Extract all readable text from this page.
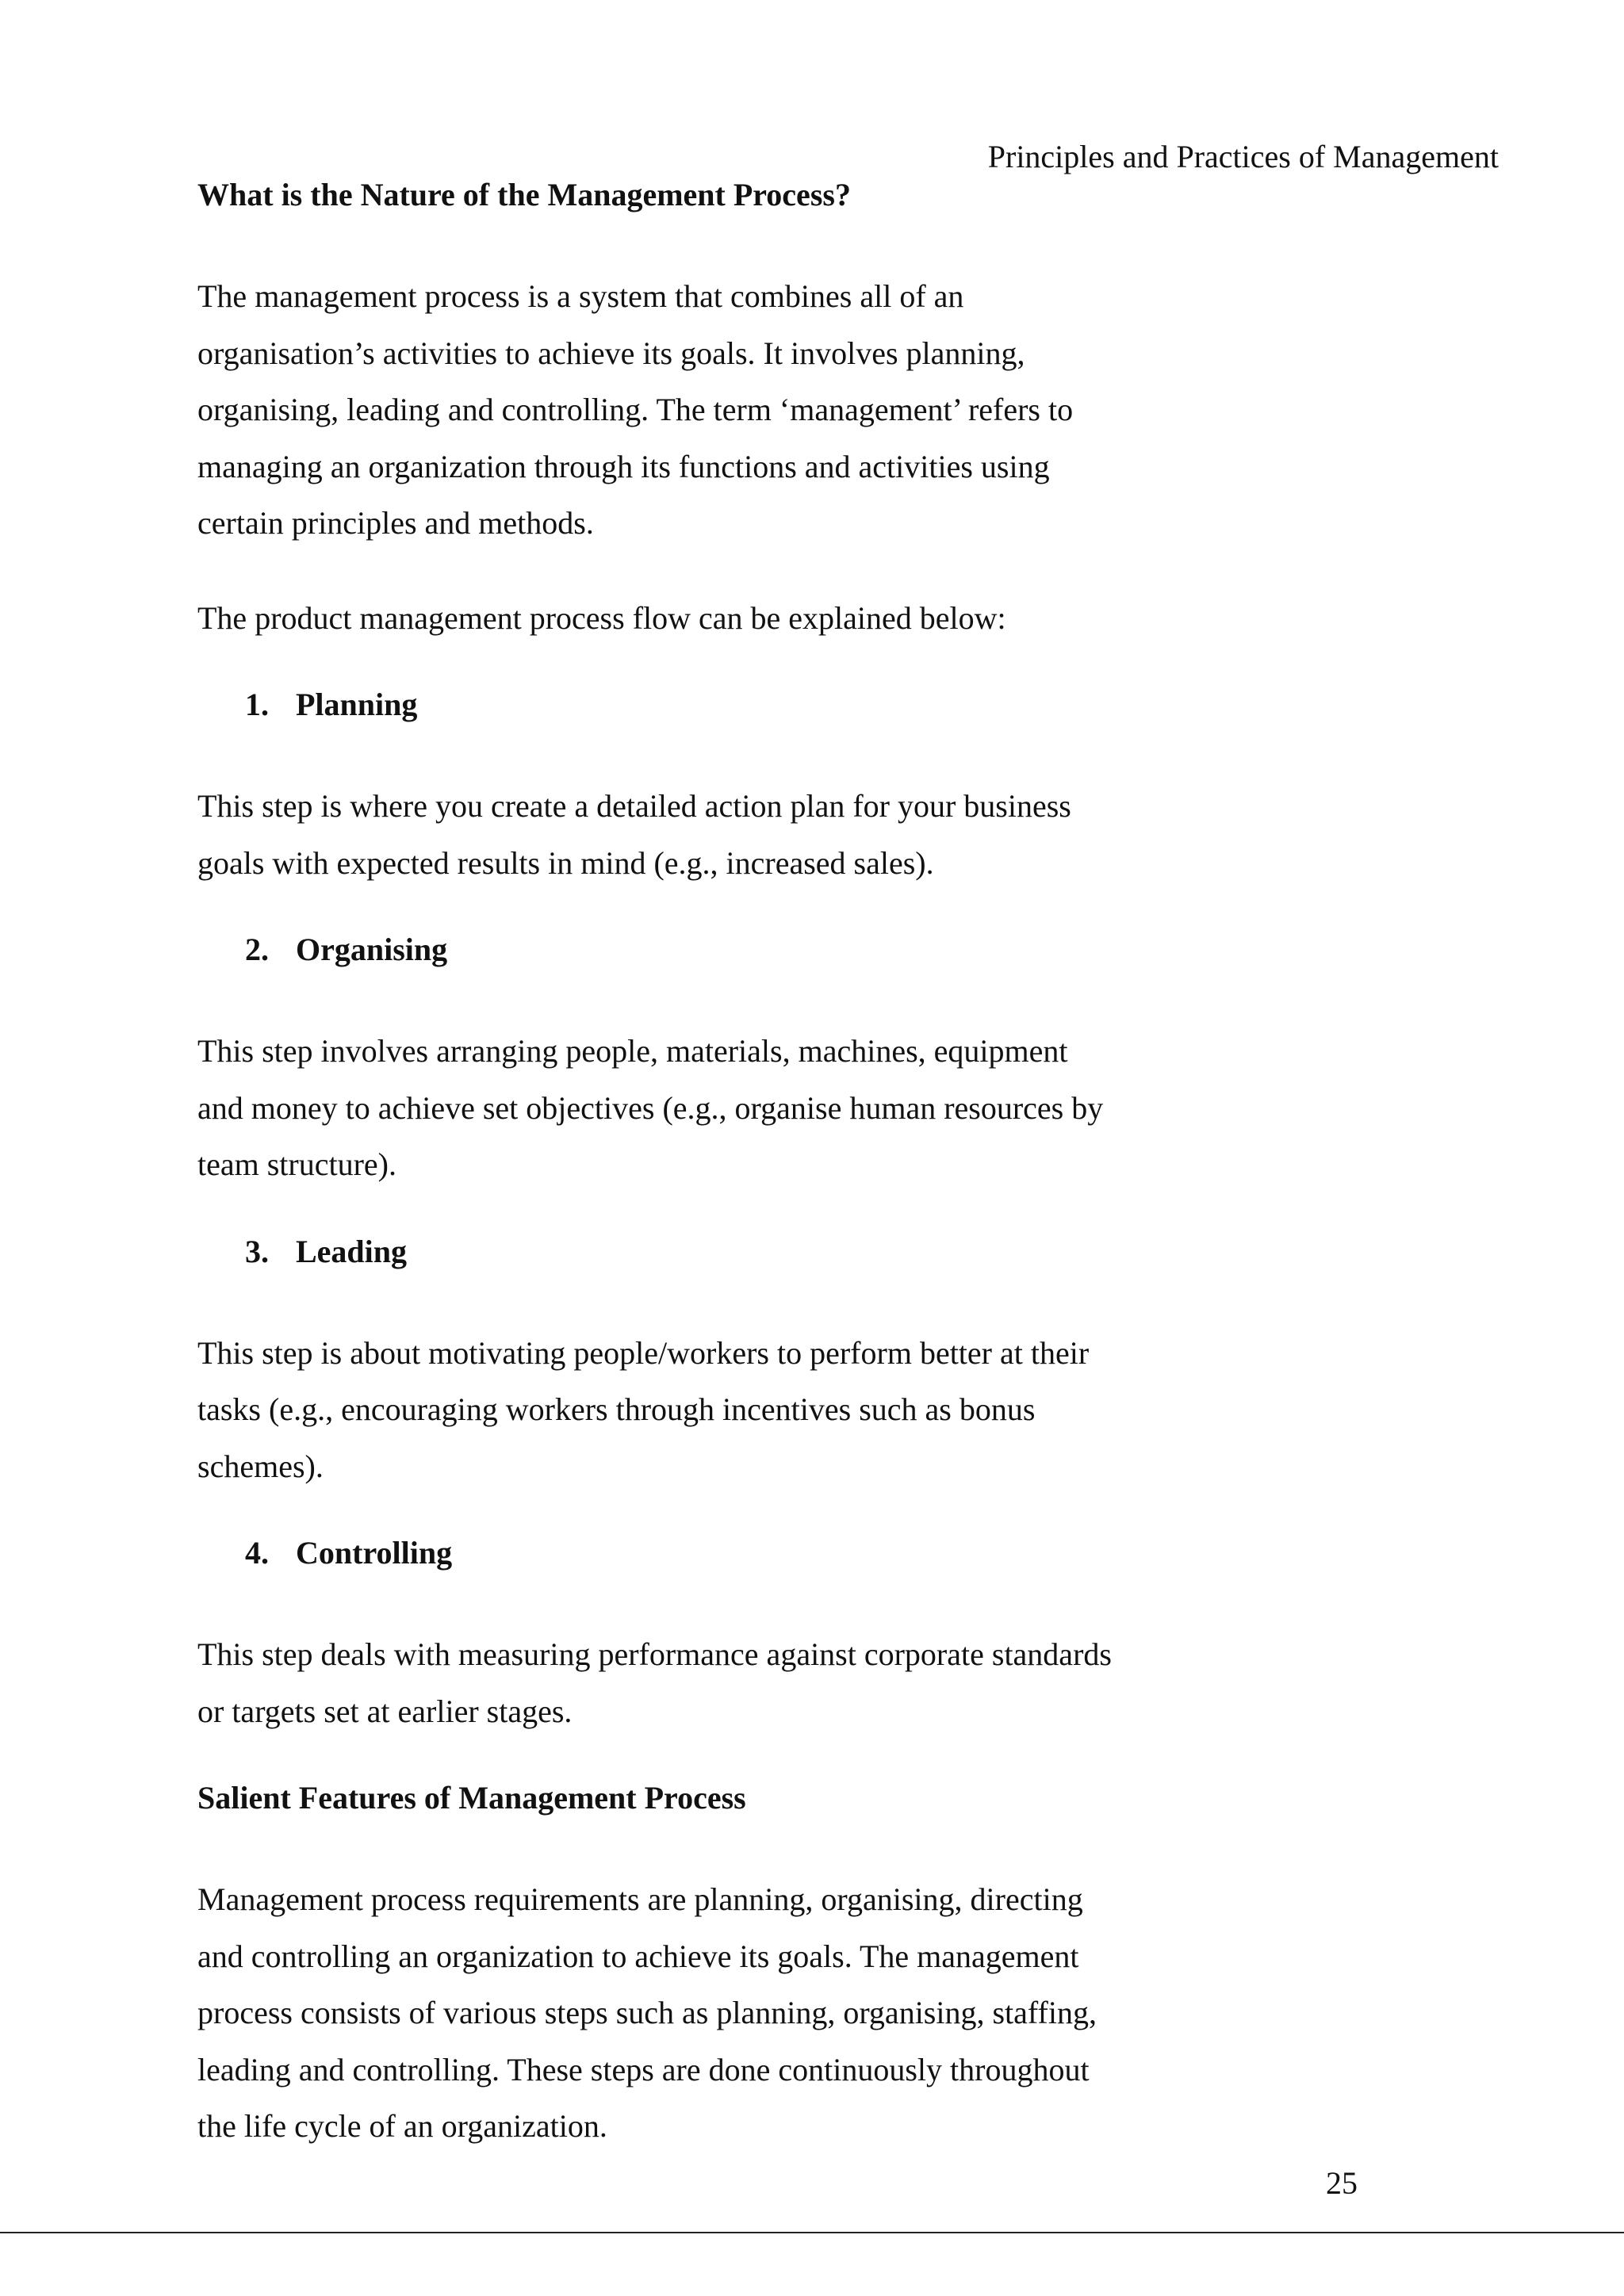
Principles and Practices of Management

What is the Nature of the Management Process?

The management process is a system that combines all of an
organisation’s activities to achieve its goals. It involves planning,
organising, leading and controlling. The term ‘management’ refers to
managing an organization through its functions and activities using
certain principles and methods.

The product management process flow can be explained below:

1. Planning

This step is where you create a detailed action plan for your business
goals with expected results in mind (e.g., increased sales).

2. Organising

This step involves arranging people, materials, machines, equipment
and money to achieve set objectives (e.g., organise human resources by
team structure).

3. Leading

This step is about motivating people/workers to perform better at their
tasks (e.g., encouraging workers through incentives such as bonus
schemes).

4. Controlling

This step deals with measuring performance against corporate standards
or targets set at earlier stages.

Salient Features of Management Process

Management process requirements are planning, organising, directing
and controlling an organization to achieve its goals. The management
process consists of various steps such as planning, organising, staffing,
leading and controlling. These steps are done continuously throughout
the life cycle of an organization.

25
